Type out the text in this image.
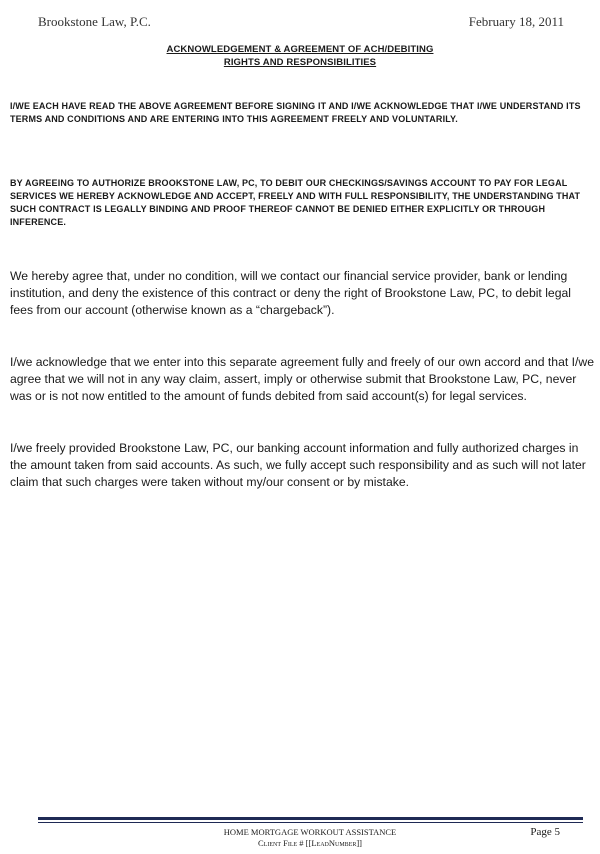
Brookstone Law, P.C.	February 18, 2011
ACKNOWLEDGEMENT & AGREEMENT OF ACH/DEBITING
RIGHTS AND RESPONSIBILITIES
I/WE EACH HAVE READ THE ABOVE AGREEMENT BEFORE SIGNING IT AND I/WE ACKNOWLEDGE THAT I/WE UNDERSTAND ITS TERMS AND CONDITIONS AND ARE ENTERING INTO THIS AGREEMENT FREELY AND VOLUNTARILY.
BY AGREEING TO AUTHORIZE BROOKSTONE LAW, PC, TO DEBIT OUR CHECKINGS/SAVINGS ACCOUNT TO PAY FOR LEGAL SERVICES WE HEREBY ACKNOWLEDGE AND ACCEPT, FREELY AND WITH FULL RESPONSIBILITY, THE UNDERSTANDING THAT SUCH CONTRACT IS LEGALLY BINDING AND PROOF THEREOF CANNOT BE DENIED EITHER EXPLICITLY OR THROUGH INFERENCE.
We hereby agree that, under no condition, will we contact our financial service provider, bank or lending institution, and deny the existence of this contract or deny the right of Brookstone Law, PC, to debit legal fees from our account (otherwise known as a “chargeback”).
I/we acknowledge that we enter into this separate agreement fully and freely of our own accord and that I/we agree that we will not in any way claim, assert, imply or otherwise submit that Brookstone Law, PC, never was or is not now entitled to the amount of funds debited from said account(s) for legal services.
I/we freely provided Brookstone Law, PC, our banking account information and fully authorized charges in the amount taken from said accounts. As such, we fully accept such responsibility and as such will not later claim that such charges were taken without my/our consent or by mistake.
HOME MORTGAGE WORKOUT ASSISTANCE
Client File # [[LeadNumber]]
Page 5
